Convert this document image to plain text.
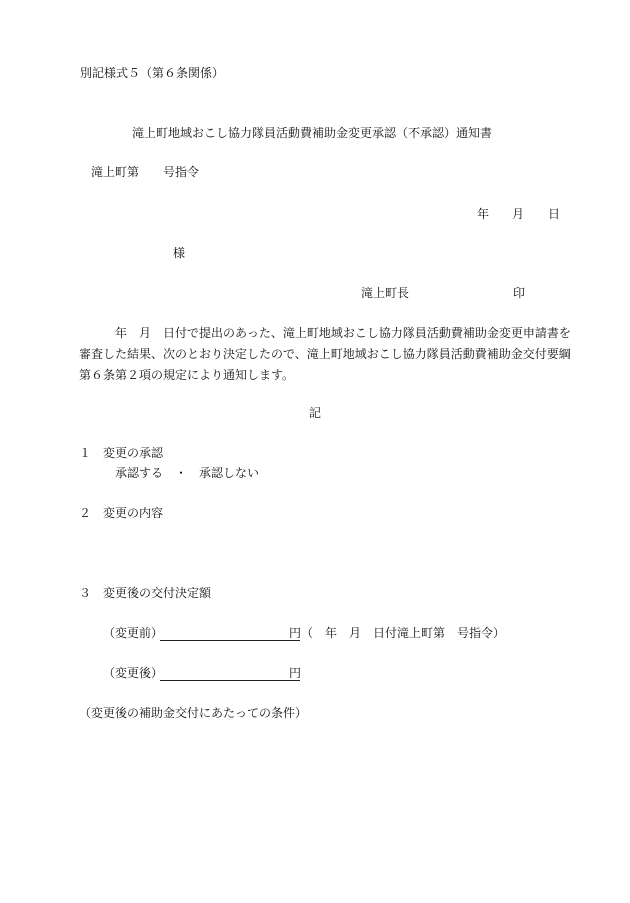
別記様式５（第６条関係）
滝上町地域おこし協力隊員活動費補助金変更承認（不承認）通知書
滝上町第 号指令
年 月 日
様
滝上町長	印
年　月　日付で提出のあった、滝上町地域おこし協力隊員活動費補助金変更申請書を
審査した結果、次のとおり決定したので、滝上町地域おこし協力隊員活動費補助金交付要綱
第６条第２項の規定により通知します。
記
１ 変更の承認
承認する　・　承認しない
２ 変更の内容
３ 変更後の交付決定額
（変更前）	円 （　年　月　日付滝上町第　号指令）
（変更後）	円
（変更後の補助金交付にあたっての条件）
